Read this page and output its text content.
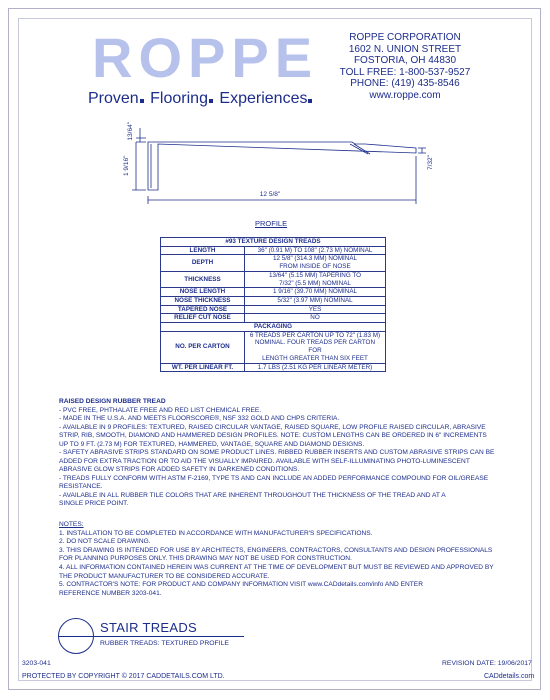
ROPPE
Proven Flooring Experiences
ROPPE CORPORATION
1602 N. UNION STREET
FOSTORIA, OH 44830
TOLL FREE: 1-800-537-9527
PHONE: (419) 435-8546
www.roppe.com
13/64"
1 9/16"	7/32"
12 5/8"
PROFILE
#93 TEXTURE DESIGN TREADS	
LENGTH	36" (0.91 M) TO 108" (2.73 M) NOMINAL

DEPTH	12 5/8" (314.3 MM) NOMINAL
FROM INSIDE OF NOSE

THICKNESS	13/64" (5.15 MM) TAPERING TO
7/32" (5.5 MM) NOMINAL

NOSE LENGTH	1 9/16" (39.70 MM) NOMINAL

NOSE THICKNESS	5/32" (3.97 MM) NOMINAL

TAPERED NOSE	YES

RELIEF CUT NOSE	NO

PACKAGING	
NO. PER CARTON	6 TREADS PER CARTON UP TO 72" (1.83 M)
NOMINAL. FOUR TREADS PER CARTON FOR
LENGTH GREATER THAN SIX FEET

WT. PER LINEAR FT.	1.7 LBS (2.51 KG PER LINEAR METER)
RAISED DESIGN RUBBER TREAD
- PVC FREE, PHTHALATE FREE AND RED LIST CHEMICAL FREE.
- MADE IN THE U.S.A. AND MEETS FLOORSCORE®, NSF 332 GOLD AND CHPS CRITERIA.
- AVAILABLE IN 9 PROFILES: TEXTURED, RAISED CIRCULAR VANTAGE, RAISED SQUARE, LOW PROFILE RAISED CIRCULAR, ABRASIVE
STRIP, RIB, SMOOTH, DIAMOND AND HAMMERED DESIGN PROFILES. NOTE: CUSTOM LENGTHS CAN BE ORDERED IN 6" INCREMENTS
UP TO 9 FT. (2.73 M) FOR TEXTURED, HAMMERED, VANTAGE, SQUARE AND DIAMOND DESIGNS.
- SAFETY ABRASIVE STRIPS STANDARD ON SOME PRODUCT LINES. RIBBED RUBBER INSERTS AND CUSTOM ABRASIVE STRIPS CAN BE
ADDED FOR EXTRA TRACTION OR TO AID THE VISUALLY IMPAIRED. AVAILABLE WITH SELF-ILLUMINATING PHOTO-LUMINESCENT
ABRASIVE GLOW STRIPS FOR ADDED SAFETY IN DARKENED CONDITIONS.
- TREADS FULLY CONFORM WITH ASTM F-2169, TYPE TS AND CAN INCLUDE AN ADDED PERFORMANCE COMPOUND FOR OIL/GREASE
RESISTANCE.
- AVAILABLE IN ALL RUBBER TILE COLORS THAT ARE INHERENT THROUGHOUT THE THICKNESS OF THE TREAD AND AT A
SINGLE PRICE POINT.
NOTES:
1. INSTALLATION TO BE COMPLETED IN ACCORDANCE WITH MANUFACTURER'S SPECIFICATIONS.
2. DO NOT SCALE DRAWING.
3. THIS DRAWING IS INTENDED FOR USE BY ARCHITECTS, ENGINEERS, CONTRACTORS, CONSULTANTS AND DESIGN PROFESSIONALS
FOR PLANNING PURPOSES ONLY. THIS DRAWING MAY NOT BE USED FOR CONSTRUCTION.
4. ALL INFORMATION CONTAINED HEREIN WAS CURRENT AT THE TIME OF DEVELOPMENT BUT MUST BE REVIEWED AND APPROVED BY
THE PRODUCT MANUFACTURER TO BE CONSIDERED ACCURATE.
5. CONTRACTOR'S NOTE: FOR PRODUCT AND COMPANY INFORMATION VISIT www.CADdetails.com/info AND ENTER
REFERENCE NUMBER 3203-041.
STAIR TREADS
RUBBER TREADS: TEXTURED PROFILE
3203-041	REVISION DATE: 19/06/2017
PROTECTED BY COPYRIGHT © 2017 CADDETAILS.COM LTD.	CADdetails.com
